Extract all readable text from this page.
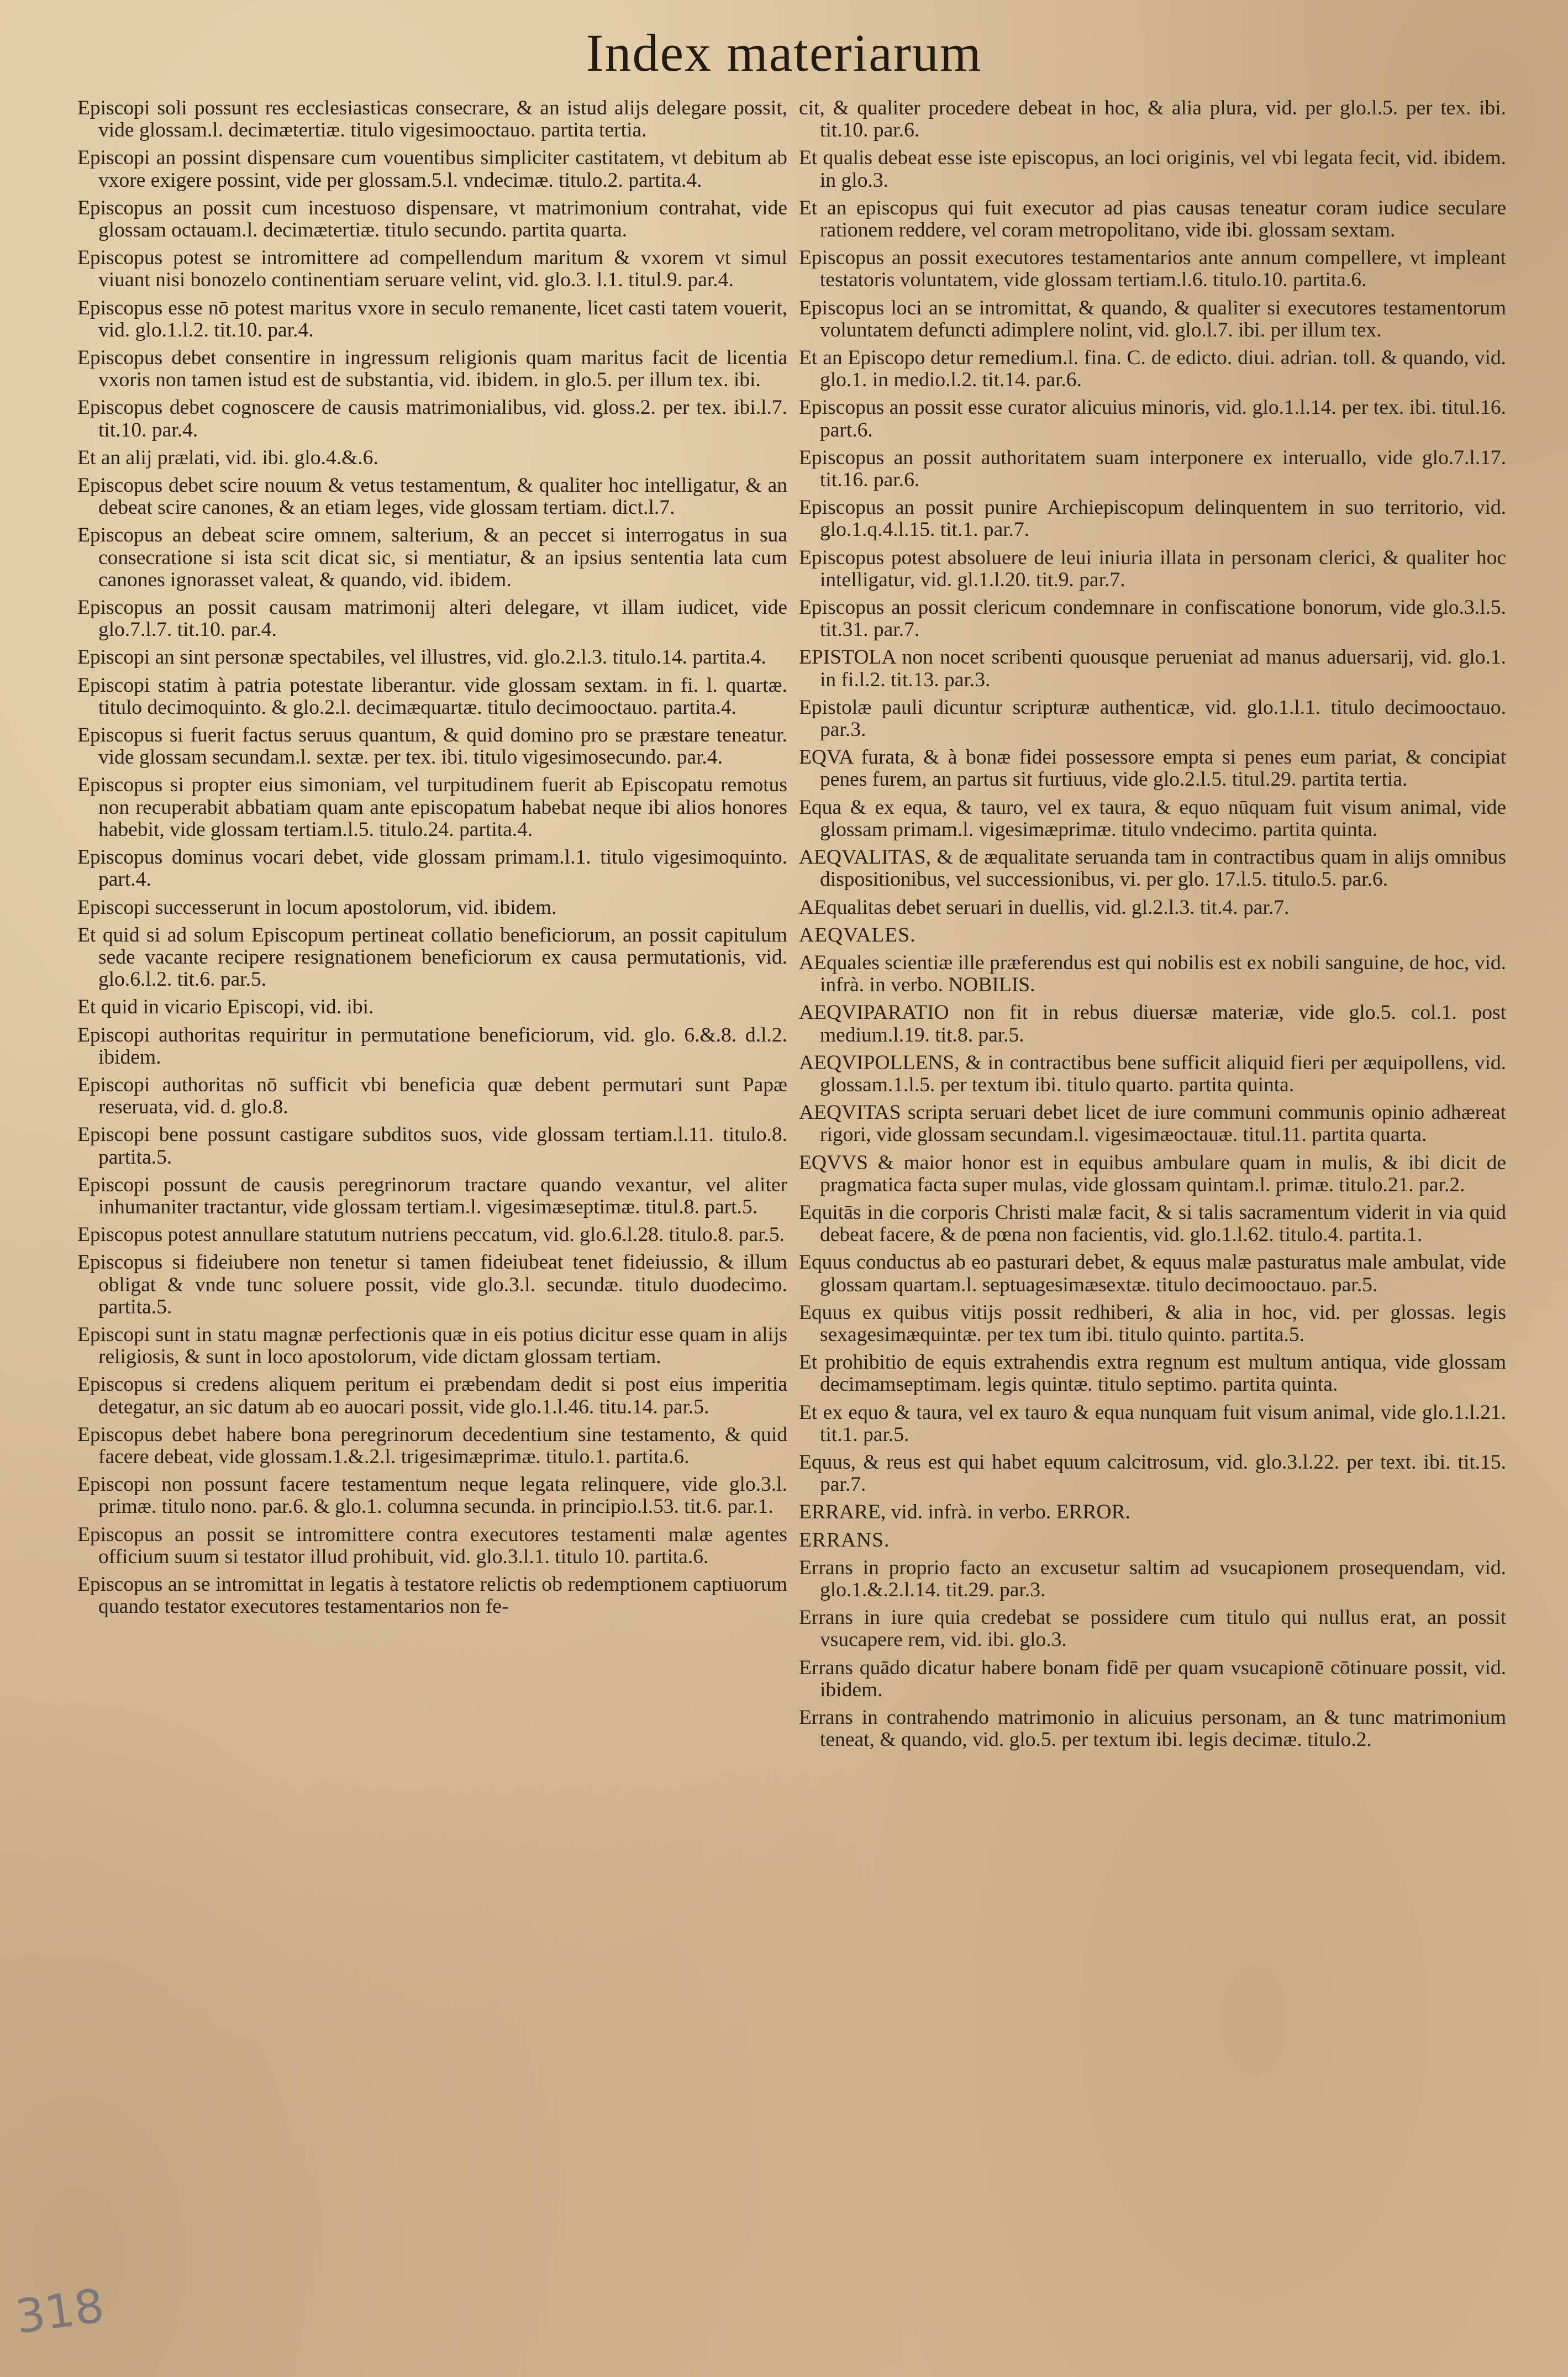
Index materiarum

Episcopi soli possunt res ecclesiasticas consecrare, & an istud alijs delegare possit, vide glossam.l. decimætertiæ. titulo vigesimooctauo. partita tertia.

Episcopi an possint dispensare cum vouentibus simpliciter castitatem, vt debitum ab vxore exigere possint, vide per glossam.5.l. vndecimæ. titulo.2. partita.4.

Episcopus an possit cum incestuoso dispensare, vt matrimonium contrahat, vide glossam octauam.l. decimætertiæ. titulo secundo. partita quarta.

Episcopus potest se intromittere ad compellendum maritum & vxorem vt simul viuant nisi bonozelo continentiam seruare velint, vid. glo.3. l.1. titul.9. par.4.

Episcopus esse nō potest maritus vxore in seculo remanente, licet casti tatem vouerit, vid. glo.1.l.2. tit.10. par.4.

Episcopus debet consentire in ingressum religionis quam maritus facit de licentia vxoris non tamen istud est de substantia, vid. ibidem. in glo.5. per illum tex. ibi.

Episcopus debet cognoscere de causis matrimonialibus, vid. gloss.2. per tex. ibi.l.7. tit.10. par.4.

Et an alij prælati, vid. ibi. glo.4.&.6.

Episcopus debet scire nouum & vetus testamentum, & qualiter hoc intelligatur, & an debeat scire canones, & an etiam leges, vide glossam tertiam. dict.l.7.

Episcopus an debeat scire omnem, salterium, & an peccet si interrogatus in sua consecratione si ista scit dicat sic, si mentiatur, & an ipsius sententia lata cum canones ignorasset valeat, & quando, vid. ibidem.

Episcopus an possit causam matrimonij alteri delegare, vt illam iudicet, vide glo.7.l.7. tit.10. par.4.

Episcopi an sint personæ spectabiles, vel illustres, vid. glo.2.l.3. titulo.14. partita.4.

Episcopi statim à patria potestate liberantur. vide glossam sextam. in fi. l. quartæ. titulo decimoquinto. & glo.2.l. decimæquartæ. titulo decimooctauo. partita.4.

Episcopus si fuerit factus seruus quantum, & quid domino pro se præstare teneatur. vide glossam secundam.l. sextæ. per tex. ibi. titulo vigesimosecundo. par.4.

Episcopus si propter eius simoniam, vel turpitudinem fuerit ab Episcopatu remotus non recuperabit abbatiam quam ante episcopatum habebat neque ibi alios honores habebit, vide glossam tertiam.l.5. titulo.24. partita.4.

Episcopus dominus vocari debet, vide glossam primam.l.1. titulo vigesimoquinto. part.4.

Episcopi successerunt in locum apostolorum, vid. ibidem.

Et quid si ad solum Episcopum pertineat collatio beneficiorum, an possit capitulum sede vacante recipere resignationem beneficiorum ex causa permutationis, vid. glo.6.l.2. tit.6. par.5.

Et quid in vicario Episcopi, vid. ibi.

Episcopi authoritas requiritur in permutatione beneficiorum, vid. glo. 6.&.8. d.l.2. ibidem.

Episcopi authoritas nō sufficit vbi beneficia quæ debent permutari sunt Papæ reseruata, vid. d. glo.8.

Episcopi bene possunt castigare subditos suos, vide glossam tertiam.l.11. titulo.8. partita.5.

Episcopi possunt de causis peregrinorum tractare quando vexantur, vel aliter inhumaniter tractantur, vide glossam tertiam.l. vigesimæseptimæ. titul.8. part.5.

Episcopus potest annullare statutum nutriens peccatum, vid. glo.6.l.28. titulo.8. par.5.

Episcopus si fideiubere non tenetur si tamen fideiubeat tenet fideiussio, & illum obligat & vnde tunc soluere possit, vide glo.3.l. secundæ. titulo duodecimo. partita.5.

Episcopi sunt in statu magnæ perfectionis quæ in eis potius dicitur esse quam in alijs religiosis, & sunt in loco apostolorum, vide dictam glossam tertiam.

Episcopus si credens aliquem peritum ei præbendam dedit si post eius imperitia detegatur, an sic datum ab eo auocari possit, vide glo.1.l.46. titu.14. par.5.

Episcopus debet habere bona peregrinorum decedentium sine testamento, & quid facere debeat, vide glossam.1.&.2.l. trigesimæprimæ. titulo.1. partita.6.

Episcopi non possunt facere testamentum neque legata relinquere, vide glo.3.l. primæ. titulo nono. par.6. & glo.1. columna secunda. in principio.l.53. tit.6. par.1.

Episcopus an possit se intromittere contra executores testamenti malæ agentes officium suum si testator illud prohibuit, vid. glo.3.l.1. titulo 10. partita.6.

Episcopus an se intromittat in legatis à testatore relictis ob redemptionem captiuorum quando testator executores testamentarios non fe-

cit, & qualiter procedere debeat in hoc, & alia plura, vid. per glo.l.5. per tex. ibi. tit.10. par.6.

Et qualis debeat esse iste episcopus, an loci originis, vel vbi legata fecit, vid. ibidem. in glo.3.

Et an episcopus qui fuit executor ad pias causas teneatur coram iudice seculare rationem reddere, vel coram metropolitano, vide ibi. glossam sextam.

Episcopus an possit executores testamentarios ante annum compellere, vt impleant testatoris voluntatem, vide glossam tertiam.l.6. titulo.10. partita.6.

Episcopus loci an se intromittat, & quando, & qualiter si executores testamentorum voluntatem defuncti adimplere nolint, vid. glo.l.7. ibi. per illum tex.

Et an Episcopo detur remedium.l. fina. C. de edicto. diui. adrian. toll. & quando, vid. glo.1. in medio.l.2. tit.14. par.6.

Episcopus an possit esse curator alicuius minoris, vid. glo.1.l.14. per tex. ibi. titul.16. part.6.

Episcopus an possit authoritatem suam interponere ex interuallo, vide glo.7.l.17. tit.16. par.6.

Episcopus an possit punire Archiepiscopum delinquentem in suo territorio, vid. glo.1.q.4.l.15. tit.1. par.7.

Episcopus potest absoluere de leui iniuria illata in personam clerici, & qualiter hoc intelligatur, vid. gl.1.l.20. tit.9. par.7.

Episcopus an possit clericum condemnare in confiscatione bonorum, vide glo.3.l.5. tit.31. par.7.

EPISTOLA non nocet scribenti quousque perueniat ad manus aduersarij, vid. glo.1. in fi.l.2. tit.13. par.3.

Epistolæ pauli dicuntur scripturæ authenticæ, vid. glo.1.l.1. titulo decimooctauo. par.3.

EQVA furata, & à bonæ fidei possessore empta si penes eum pariat, & concipiat penes furem, an partus sit furtiuus, vide glo.2.l.5. titul.29. partita tertia.

Equa & ex equa, & tauro, vel ex taura, & equo nūquam fuit visum animal, vide glossam primam.l. vigesimæprimæ. titulo vndecimo. partita quinta.

AEQVALITAS, & de æqualitate seruanda tam in contractibus quam in alijs omnibus dispositionibus, vel successionibus, vi. per glo. 17.l.5. titulo.5. par.6.

AEqualitas debet seruari in duellis, vid. gl.2.l.3. tit.4. par.7.

AEQVALES.

AEquales scientiæ ille præferendus est qui nobilis est ex nobili sanguine, de hoc, vid. infrà. in verbo. NOBILIS.

AEQVIPARATIO non fit in rebus diuersæ materiæ, vide glo.5. col.1. post medium.l.19. tit.8. par.5.

AEQVIPOLLENS, & in contractibus bene sufficit aliquid fieri per æquipollens, vid. glossam.1.l.5. per textum ibi. titulo quarto. partita quinta.

AEQVITAS scripta seruari debet licet de iure communi communis opinio adhæreat rigori, vide glossam secundam.l. vigesimæoctauæ. titul.11. partita quarta.

EQVVS & maior honor est in equibus ambulare quam in mulis, & ibi dicit de pragmatica facta super mulas, vide glossam quintam.l. primæ. titulo.21. par.2.

Equitās in die corporis Christi malæ facit, & si talis sacramentum viderit in via quid debeat facere, & de pœna non facientis, vid. glo.1.l.62. titulo.4. partita.1.

Equus conductus ab eo pasturari debet, & equus malæ pasturatus male ambulat, vide glossam quartam.l. septuagesimæsextæ. titulo decimooctauo. par.5.

Equus ex quibus vitijs possit redhiberi, & alia in hoc, vid. per glossas. legis sexagesimæquintæ. per tex tum ibi. titulo quinto. partita.5.

Et prohibitio de equis extrahendis extra regnum est multum antiqua, vide glossam decimamseptimam. legis quintæ. titulo septimo. partita quinta.

Et ex equo & taura, vel ex tauro & equa nunquam fuit visum animal, vide glo.1.l.21. tit.1. par.5.

Equus, & reus est qui habet equum calcitrosum, vid. glo.3.l.22. per text. ibi. tit.15. par.7.

ERRARE, vid. infrà. in verbo. ERROR.

ERRANS.

Errans in proprio facto an excusetur saltim ad vsucapionem prosequendam, vid. glo.1.&.2.l.14. tit.29. par.3.

Errans in iure quia credebat se possidere cum titulo qui nullus erat, an possit vsucapere rem, vid. ibi. glo.3.

Errans quādo dicatur habere bonam fidē per quam vsucapionē cōtinuare possit, vid. ibidem.

Errans in contrahendo matrimonio in alicuius personam, an & tunc matrimonium teneat, & quando, vid. glo.5. per textum ibi. legis decimæ. titulo.2.

318
